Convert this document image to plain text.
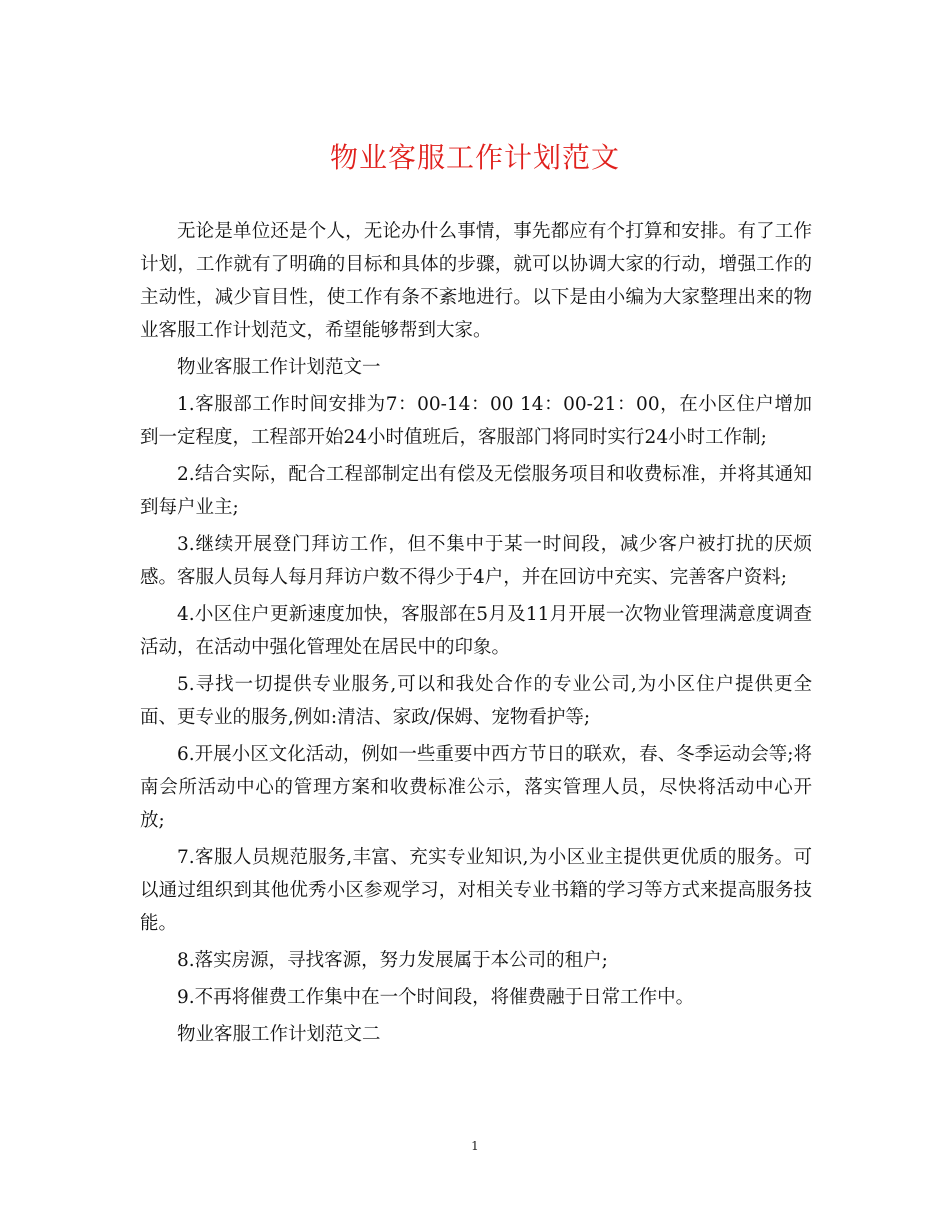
物业客服工作计划范文

无论是单位还是个人，无论办什么事情，事先都应有个打算和安排。有了工作计划，工作就有了明确的目标和具体的步骤，就可以协调大家的行动，增强工作的主动性，减少盲目性，使工作有条不紊地进行。以下是由小编为大家整理出来的物业客服工作计划范文，希望能够帮到大家。

物业客服工作计划范文一

1.客服部工作时间安排为7：00-14：00 14：00-21：00，在小区住户增加到一定程度，工程部开始24小时值班后，客服部门将同时实行24小时工作制;

2.结合实际，配合工程部制定出有偿及无偿服务项目和收费标准，并将其通知到每户业主;

3.继续开展登门拜访工作，但不集中于某一时间段，减少客户被打扰的厌烦感。客服人员每人每月拜访户数不得少于4户，并在回访中充实、完善客户资料;

4.小区住户更新速度加快，客服部在5月及11月开展一次物业管理满意度调查活动，在活动中强化管理处在居民中的印象。

5.寻找一切提供专业服务,可以和我处合作的专业公司,为小区住户提供更全面、更专业的服务,例如:清洁、家政/保姆、宠物看护等;

6.开展小区文化活动，例如一些重要中西方节日的联欢，春、冬季运动会等;将南会所活动中心的管理方案和收费标准公示，落实管理人员，尽快将活动中心开放;

7.客服人员规范服务,丰富、充实专业知识,为小区业主提供更优质的服务。可以通过组织到其他优秀小区参观学习，对相关专业书籍的学习等方式来提高服务技能。

8.落实房源，寻找客源，努力发展属于本公司的租户;

9.不再将催费工作集中在一个时间段，将催费融于日常工作中。

物业客服工作计划范文二

1
